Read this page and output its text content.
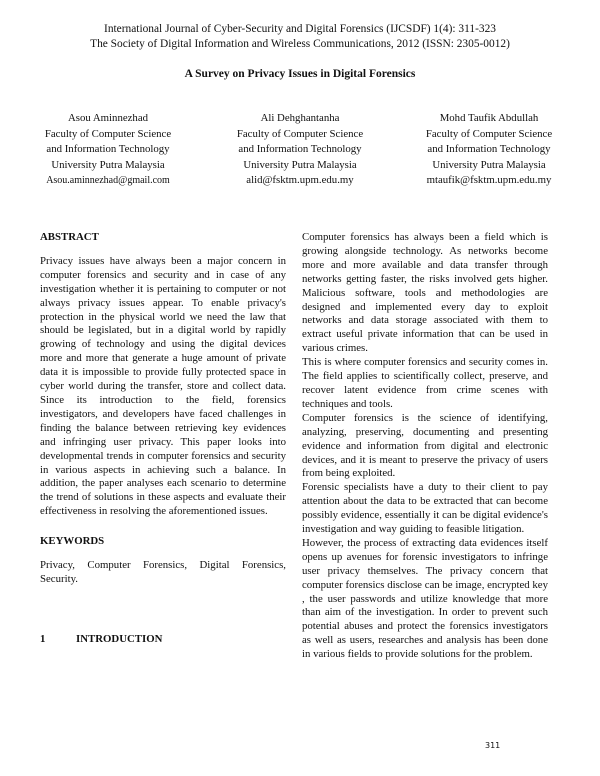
International Journal of Cyber-Security and Digital Forensics (IJCSDF) 1(4): 311-323
The Society of Digital Information and Wireless Communications, 2012 (ISSN: 2305-0012)
A Survey on Privacy Issues in Digital Forensics
Asou Aminnezhad
Faculty of Computer Science
and Information Technology
University Putra Malaysia
Asou.aminnezhad@gmail.com
Ali Dehghantanha
Faculty of Computer Science
and Information Technology
University Putra Malaysia
alid@fsktm.upm.edu.my
Mohd Taufik Abdullah
Faculty of Computer Science
and Information Technology
University Putra Malaysia
mtaufik@fsktm.upm.edu.my
ABSTRACT

Privacy issues have always been a major concern in computer forensics and security and in case of any investigation whether it is pertaining to computer or not always privacy issues appear. To enable privacy's protection in the physical world we need the law that should be legislated, but in a digital world by rapidly growing of technology and using the digital devices more and more that generate a huge amount of private data it is impossible to provide fully protected space in cyber world during the transfer, store and collect data. Since its introduction to the field, forensics investigators, and developers have faced challenges in finding the balance between retrieving key evidences and infringing user privacy. This paper looks into developmental trends in computer forensics and security in various aspects in achieving such a balance. In addition, the paper analyses each scenario to determine the trend of solutions in these aspects and evaluate their effectiveness in resolving the aforementioned issues.

KEYWORDS

Privacy, Computer Forensics, Digital Forensics, Security.

1	INTRODUCTION

Computer forensics has always been a field which is growing alongside technology. As networks become more and more available and data transfer through networks getting faster, the risks involved gets higher. Malicious software, tools and methodologies are designed and implemented every day to exploit networks and data storage associated with them to extract useful private information that can be used in various crimes.

This is where computer forensics and security comes in. The field applies to scientifically collect, preserve, and recover latent evidence from crime scenes with techniques and tools.

Computer forensics is the science of identifying, analyzing, preserving, documenting and presenting evidence and information from digital and electronic devices, and it is meant to preserve the privacy of users from being exploited.

Forensic specialists have a duty to their client to pay attention about the data to be extracted that can become possibly evidence, essentially it can be digital evidence's investigation and way guiding to feasible litigation.

However, the process of extracting data evidences itself opens up avenues for forensic investigators to infringe user privacy themselves. The privacy concern that computer forensics disclose can be image, encrypted key , the user passwords and utilize knowledge that more than aim of the investigation. In order to prevent such potential abuses and protect the forensics investigators as well as users, researches and analysis has been done in various fields to provide solutions for the problem.

311
